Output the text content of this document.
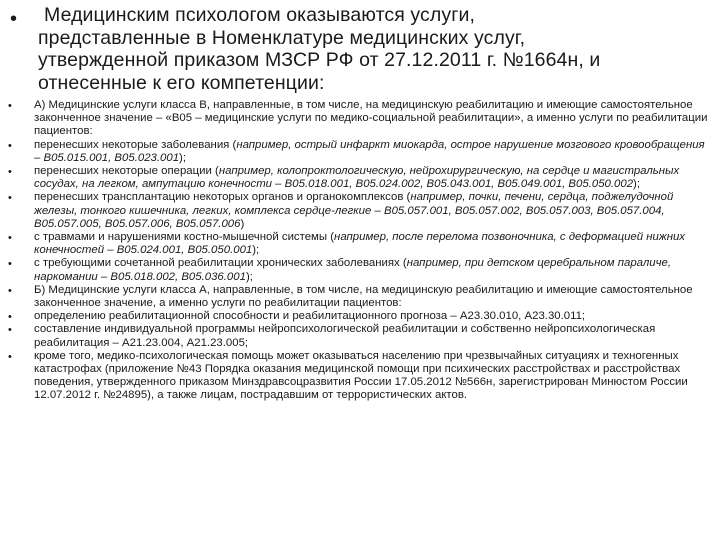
•	Медицинским психологом оказываются услуги,
представленные в Номенклатуре медицинских услуг,
утвержденной приказом МЗСР РФ от 27.12.2011 г. №1664н, и
отнесенные к его компетенции:
• А) Медицинские услуги класса В, направленные, в том числе, на медицинскую реабилитацию и имеющие самостоятельное законченное значение – «В05 – медицинские услуги по медико-социальной реабилитации», а именно услуги по реабилитации пациентов:
• перенесших некоторые заболевания (например, острый инфаркт миокарда, острое нарушение мозгового кровообращения – В05.015.001, В05.023.001);
• перенесших некоторые операции (например, колопроктологическую, нейрохирургическую, на сердце и магистральных сосудах, на легком, ампутацию конечности – В05.018.001, В05.024.002, В05.043.001, В05.049.001, В05.050.002);
• перенесших трансплантацию некоторых органов и органокомплексов (например, почки, печени, сердца, поджелудочной железы, тонкого кишечника, легких, комплекса сердце-легкие – В05.057.001, В05.057.002, В05.057.003, В05.057.004, В05.057.005, В05.057.006, В05.057.006)
• с травмами и нарушениями костно-мышечной системы (например, после перелома позвоночника, с деформацией нижних конечностей – В05.024.001, В05.050.001);
• с требующими сочетанной реабилитации хронических заболеваниях (например, при детском церебральном параличе, наркомании – В05.018.002, В05.036.001);
• Б) Медицинские услуги класса А, направленные, в том числе, на медицинскую реабилитацию и имеющие самостоятельное законченное значение, а именно услуги по реабилитации пациентов:
• определению реабилитационной способности и реабилитационного прогноза – А23.30.010, А23.30.011;
• составление индивидуальной программы нейропсихологической реабилитации и собственно нейропсихологическая реабилитация – А21.23.004, А21.23.005;
• кроме того, медико-психологическая помощь может оказываться населению при чрезвычайных ситуациях и техногенных катастрофах (приложение №43 Порядка оказания медицинской помощи при психических расстройствах и расстройствах поведения, утвержденного приказом Минздравсоцразвития России 17.05.2012 №566н, зарегистрирован Минюстом России 12.07.2012 г. №24895), а также лицам, пострадавшим от террористических актов.
